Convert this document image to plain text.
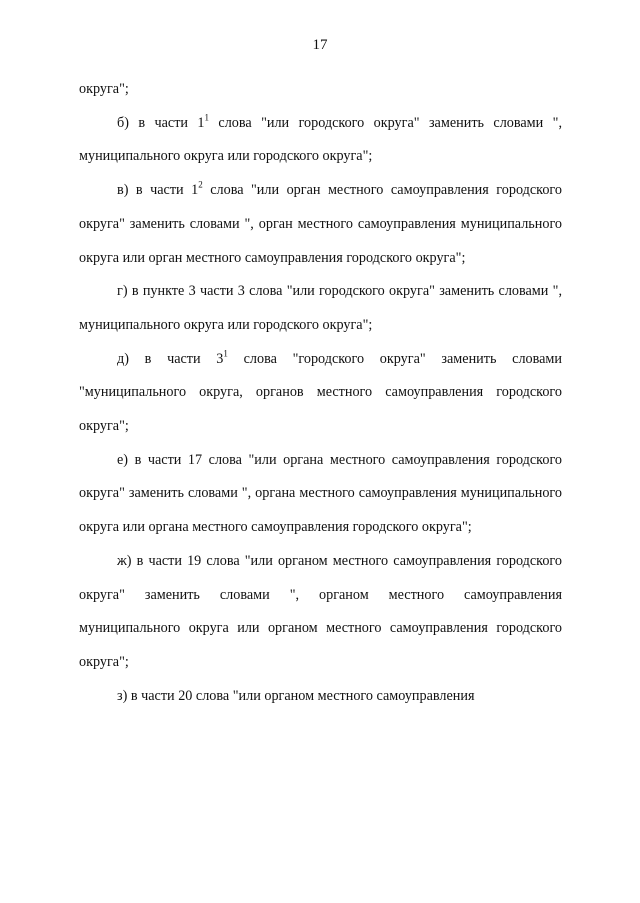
17

округа";

б) в части $1^1$ слова "или городского округа" заменить словами ", муниципального округа или городского округа";

в) в части $1^2$ слова "или орган местного самоуправления городского округа" заменить словами ", орган местного самоуправления муниципального округа или орган местного самоуправления городского округа";

г) в пункте 3 части 3 слова "или городского округа" заменить словами ", муниципального округа или городского округа";

д) в части $3^1$ слова "городского округа" заменить словами "муниципального округа, органов местного самоуправления городского округа";

е) в части 17 слова "или органа местного самоуправления городского округа" заменить словами ", органа местного самоуправления муниципального округа или органа местного самоуправления городского округа";

ж) в части 19 слова "или органом местного самоуправления городского округа" заменить словами ", органом местного самоуправления муниципального округа или органом местного самоуправления городского округа";

з) в части 20 слова "или органом местного самоуправления
